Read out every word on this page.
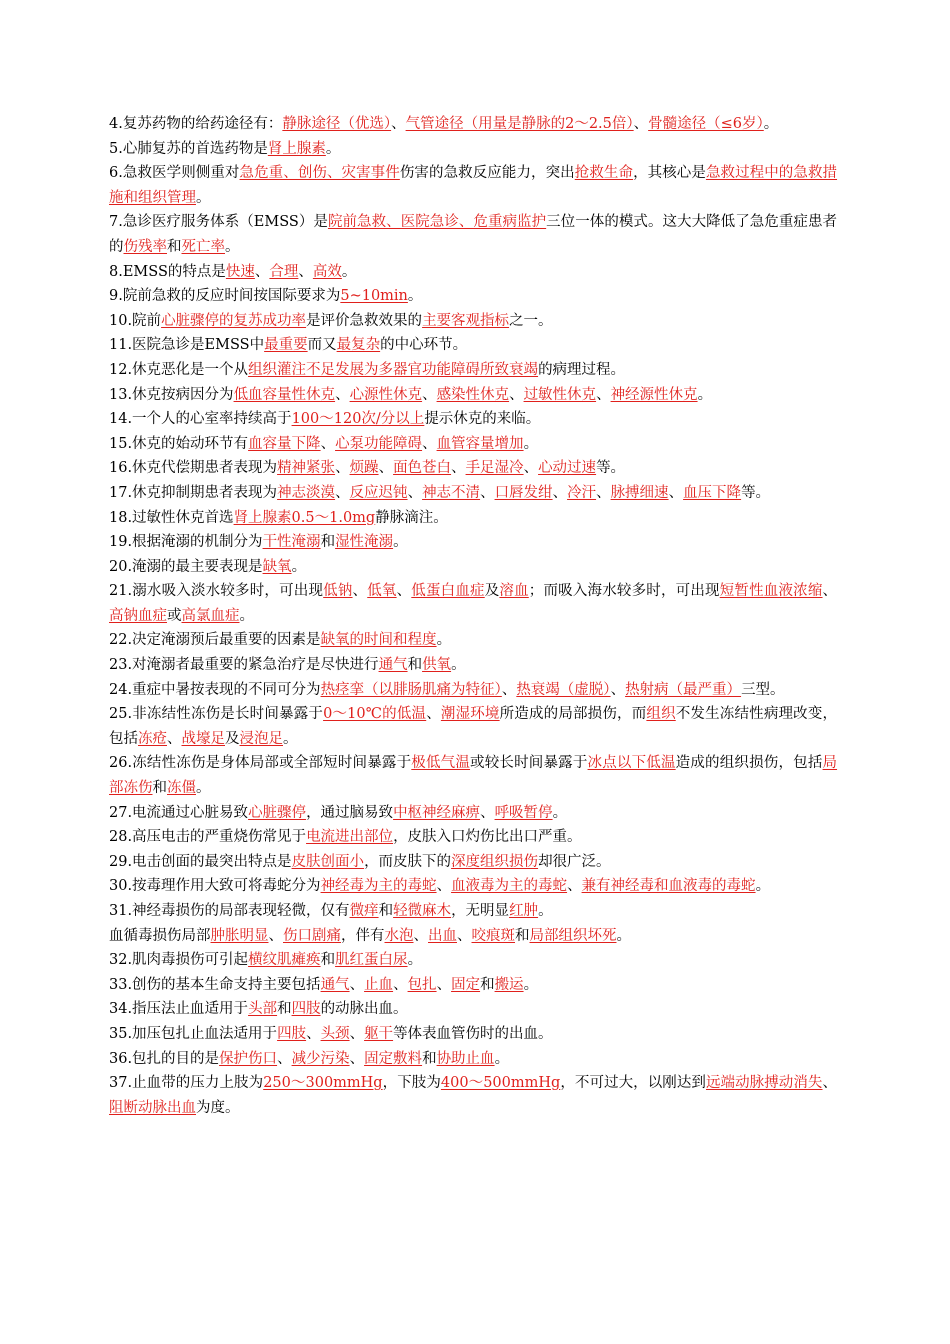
4.复苏药物的给药途径有：静脉途径（优选）、气管途径（用量是静脉的2～2.5倍）、骨髓途径（≤6岁）。

5.心肺复苏的首选药物是肾上腺素。

6.急救医学则侧重对急危重、创伤、灾害事件伤害的急救反应能力，突出抢救生命，其核心是急救过程中的急救措施和组织管理。

7.急诊医疗服务体系（EMSS）是院前急救、医院急诊、危重病监护三位一体的模式。这大大降低了急危重症患者的伤残率和死亡率。

8.EMSS的特点是快速、合理、高效。

9.院前急救的反应时间按国际要求为5~10min。

10.院前心脏骤停的复苏成功率是评价急救效果的主要客观指标之一。

11.医院急诊是EMSS中最重要而又最复杂的中心环节。

12.休克恶化是一个从组织灌注不足发展为多器官功能障碍所致衰竭的病理过程。

13.休克按病因分为低血容量性休克、心源性休克、感染性休克、过敏性休克、神经源性休克。

14.一个人的心室率持续高于100～120次/分以上提示休克的来临。

15.休克的始动环节有血容量下降、心泵功能障碍、血管容量增加。

16.休克代偿期患者表现为精神紧张、烦躁、面色苍白、手足湿冷、心动过速等。

17.休克抑制期患者表现为神志淡漠、反应迟钝、神志不清、口唇发绀、冷汗、脉搏细速、血压下降等。

18.过敏性休克首选肾上腺素0.5～1.0mg静脉滴注。

19.根据淹溺的机制分为干性淹溺和湿性淹溺。

20.淹溺的最主要表现是缺氧。

21.溺水吸入淡水较多时，可出现低钠、低氧、低蛋白血症及溶血；而吸入海水较多时，可出现短暂性血液浓缩、高钠血症或高氯血症。

22.决定淹溺预后最重要的因素是缺氧的时间和程度。

23.对淹溺者最重要的紧急治疗是尽快进行通气和供氧。

24.重症中暑按表现的不同可分为热痉挛（以腓肠肌痛为特征）、热衰竭（虚脱）、热射病（最严重）三型。

25.非冻结性冻伤是长时间暴露于0～10℃的低温、潮湿环境所造成的局部损伤，而组织不发生冻结性病理改变，包括冻疮、战壕足及浸泡足。

26.冻结性冻伤是身体局部或全部短时间暴露于极低气温或较长时间暴露于冰点以下低温造成的组织损伤，包括局部冻伤和冻僵。

27.电流通过心脏易致心脏骤停，通过脑易致中枢神经麻痹、呼吸暂停。

28.高压电击的严重烧伤常见于电流进出部位，皮肤入口灼伤比出口严重。

29.电击创面的最突出特点是皮肤创面小，而皮肤下的深度组织损伤却很广泛。

30.按毒理作用大致可将毒蛇分为神经毒为主的毒蛇、血液毒为主的毒蛇、兼有神经毒和血液毒的毒蛇。

31.神经毒损伤的局部表现轻微，仅有微痒和轻微麻木，无明显红肿。

血循毒损伤局部肿胀明显、伤口剧痛，伴有水泡、出血、咬痕斑和局部组织坏死。

32.肌肉毒损伤可引起横纹肌瘫痪和肌红蛋白尿。

33.创伤的基本生命支持主要包括通气、止血、包扎、固定和搬运。

34.指压法止血适用于头部和四肢的动脉出血。

35.加压包扎止血法适用于四肢、头颈、躯干等体表血管伤时的出血。

36.包扎的目的是保护伤口、减少污染、固定敷料和协助止血。

37.止血带的压力上肢为250～300mmHg，下肢为400～500mmHg，不可过大，以刚达到远端动脉搏动消失、阻断动脉出血为度。
